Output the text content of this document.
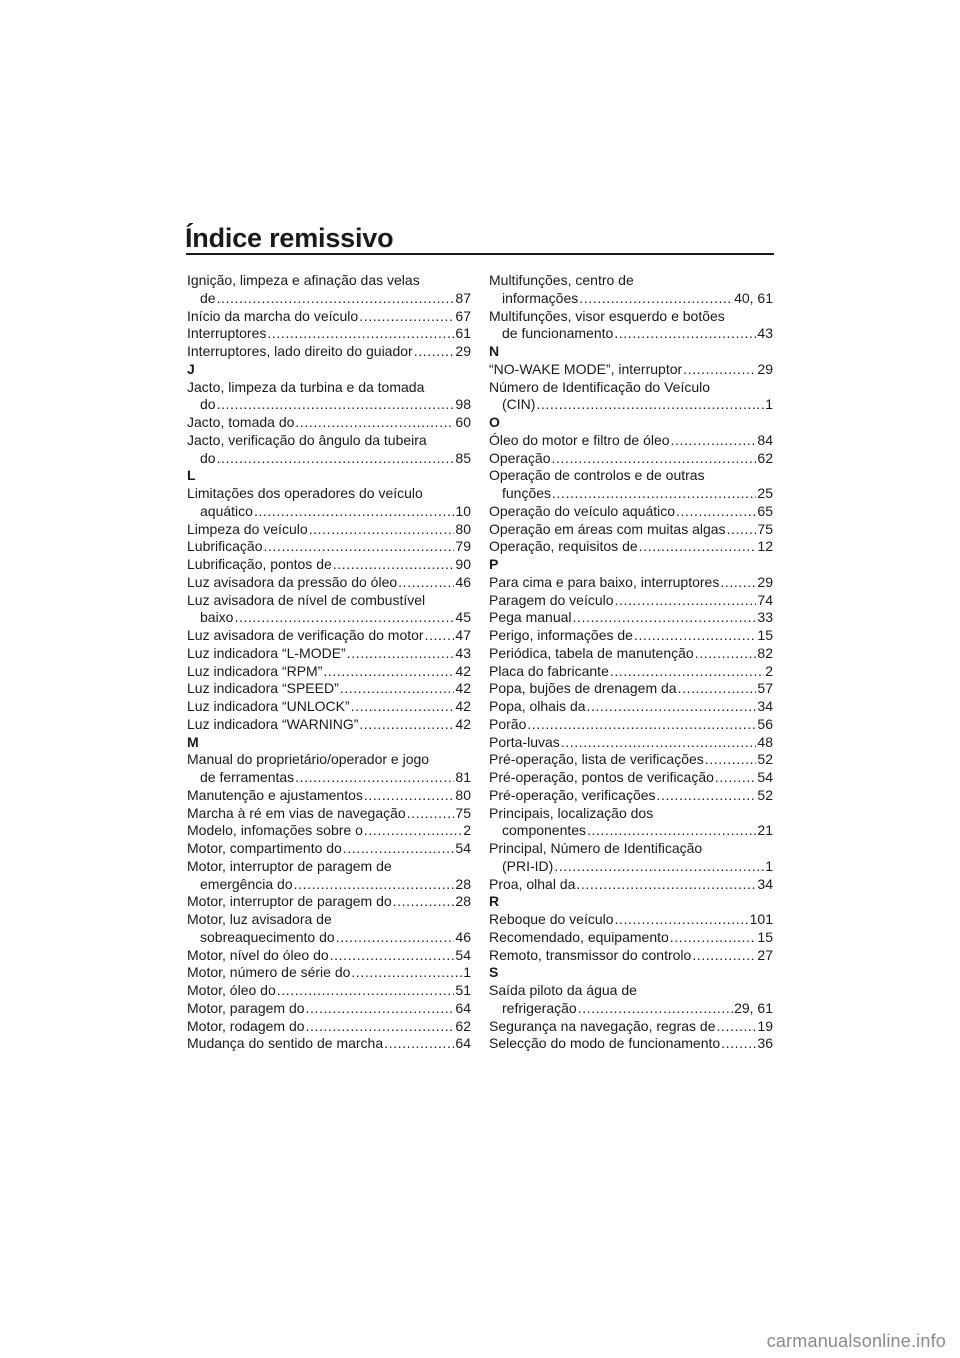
Índice remissivo
Ignição, limpeza e afinação das velas
de .....	87
Início da marcha do veículo .....	67
Interruptores .....	61
Interruptores, lado direito do guiador .....	29
J
Jacto, limpeza da turbina e da tomada
do .....	98
Jacto, tomada do .....	60
Jacto, verificação do ângulo da tubeira
do .....	85
L
Limitações dos operadores do veículo
aquático .....	10
Limpeza do veículo .....	80
Lubrificação .....	79
Lubrificação, pontos de .....	90
Luz avisadora da pressão do óleo .....	46
Luz avisadora de nível de combustível
baixo .....	45
Luz avisadora de verificação do motor ..... 47
Luz indicadora “L-MODE” .....	43
Luz indicadora “RPM” .....	42
Luz indicadora “SPEED” .....	42
Luz indicadora “UNLOCK” .....	42
Luz indicadora “WARNING” .....	42
M
Manual do proprietário/operador e jogo
de ferramentas .....	81
Manutenção e ajustamentos .....	80
Marcha à ré em vias de navegação .....	75
Modelo, infomações sobre o .....	2
Motor, compartimento do .....	54
Motor, interruptor de paragem de
emergência do .....	28
Motor, interruptor de paragem do .....	28
Motor, luz avisadora de
sobreaquecimento do .....	46
Motor, nível do óleo do .....	54
Motor, número de série do .....	1
Motor, óleo do .....	51
Motor, paragem do .....	64
Motor, rodagem do .....	62
Mudança do sentido de marcha .....	64
Multifunções, centro de
informações .....	40, 61
Multifunções, visor esquerdo e botões
de funcionamento .....	43
N
“NO-WAKE MODE”, interruptor .....	29
Número de Identificação do Veículo
(CIN) .....	1
O
Óleo do motor e filtro de óleo .....	84
Operação .....	62
Operação de controlos e de outras
funções .....	25
Operação do veículo aquático .....	65
Operação em áreas com muitas algas ..... 75
Operação, requisitos de .....	12
P
Para cima e para baixo, interruptores .....	29
Paragem do veículo .....	74
Pega manual .....	33
Perigo, informações de .....	15
Periódica, tabela de manutenção .....	82
Placa do fabricante .....	2
Popa, bujões de drenagem da .....	57
Popa, olhais da .....	34
Porão .....	56
Porta-luvas .....	48
Pré-operação, lista de verificações .....	52
Pré-operação, pontos de verificação .....	54
Pré-operação, verificações .....	52
Principais, localização dos
componentes .....	21
Principal, Número de Identificação
(PRI-ID) .....	1
Proa, olhal da .....	34
R
Reboque do veículo .....	101
Recomendado, equipamento .....	15
Remoto, transmissor do controlo .....	27
S
Saída piloto da água de
refrigeração .....	29, 61
Segurança na navegação, regras de .....	19
Selecção do modo de funcionamento .....	36
carmanualsonline.info
